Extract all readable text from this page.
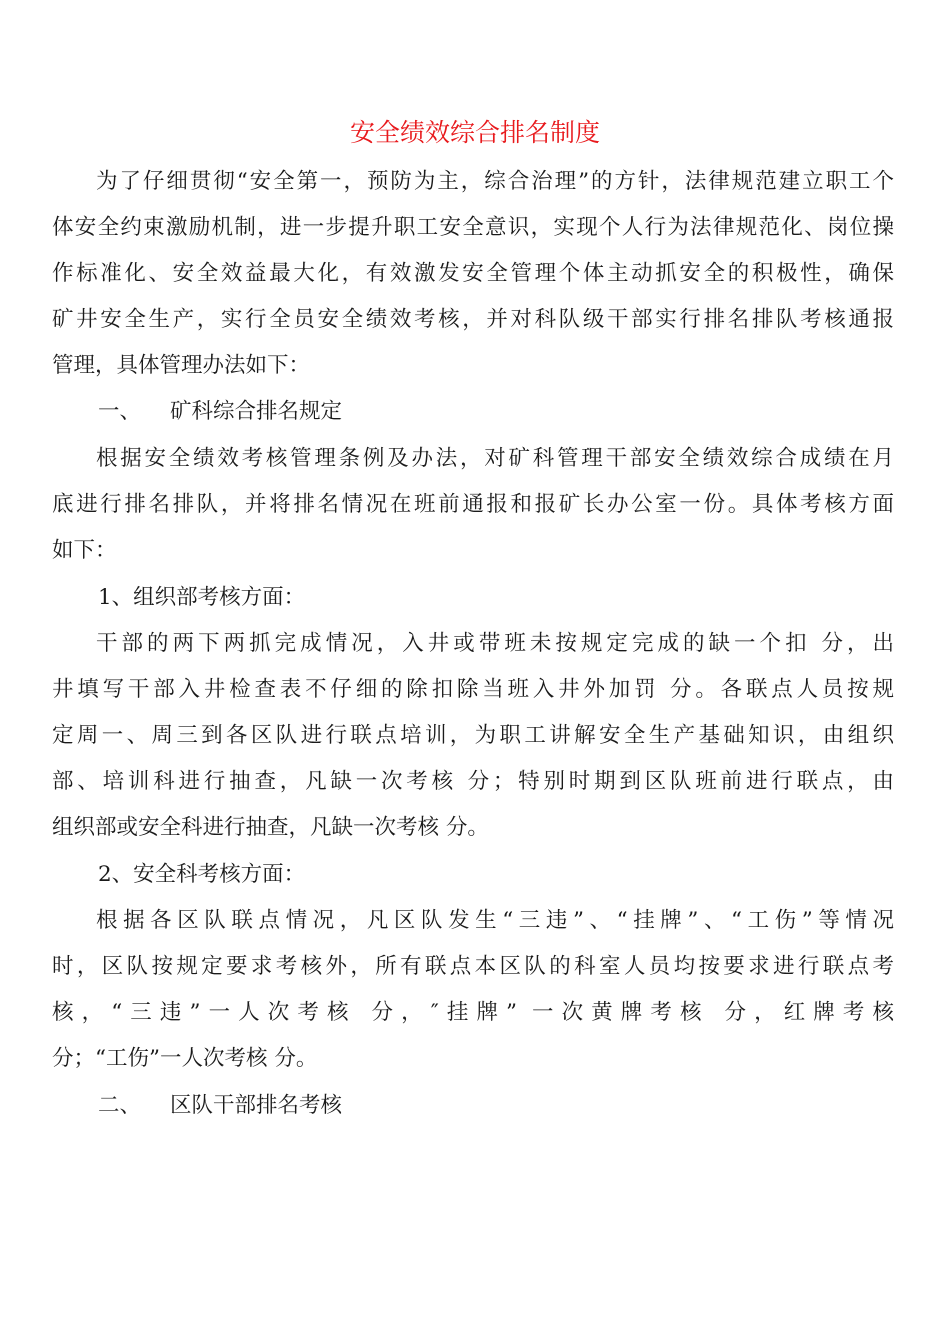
安全绩效综合排名制度
为了仔细贯彻“安全第一，预防为主，综合治理”的方针，法律规范建立职工个
体安全约束激励机制，进一步提升职工安全意识，实现个人行为法律规范化、岗位操
作标准化、安全效益最大化，有效激发安全管理个体主动抓安全的积极性，确保
矿井安全生产，实行全员安全绩效考核，并对科队级干部实行排名排队考核通报
管理，具体管理办法如下：
一、 矿科综合排名规定
根据安全绩效考核管理条例及办法，对矿科管理干部安全绩效综合成绩在月
底进行排名排队，并将排名情况在班前通报和报矿长办公室一份。具体考核方面
如下：
1、组织部考核方面：
干部的两下两抓完成情况，入井或带班未按规定完成的缺一个扣 分，出
井填写干部入井检查表不仔细的除扣除当班入井外加罚 分。各联点人员按规
定周一、周三到各区队进行联点培训，为职工讲解安全生产基础知识，由组织
部、培训科进行抽查，凡缺一次考核 分；特别时期到区队班前进行联点，由
组织部或安全科进行抽查，凡缺一次考核 分。
2、安全科考核方面：
根据各区队联点情况，凡区队发生“三违”、“挂牌”、“工伤”等情况
时，区队按规定要求考核外，所有联点本区队的科室人员均按要求进行联点考
核，“三违”一人次考核 分，″挂牌” 一次黄牌考核 分，红牌考核
分；“工伤”一人次考核 分。
二、 区队干部排名考核
